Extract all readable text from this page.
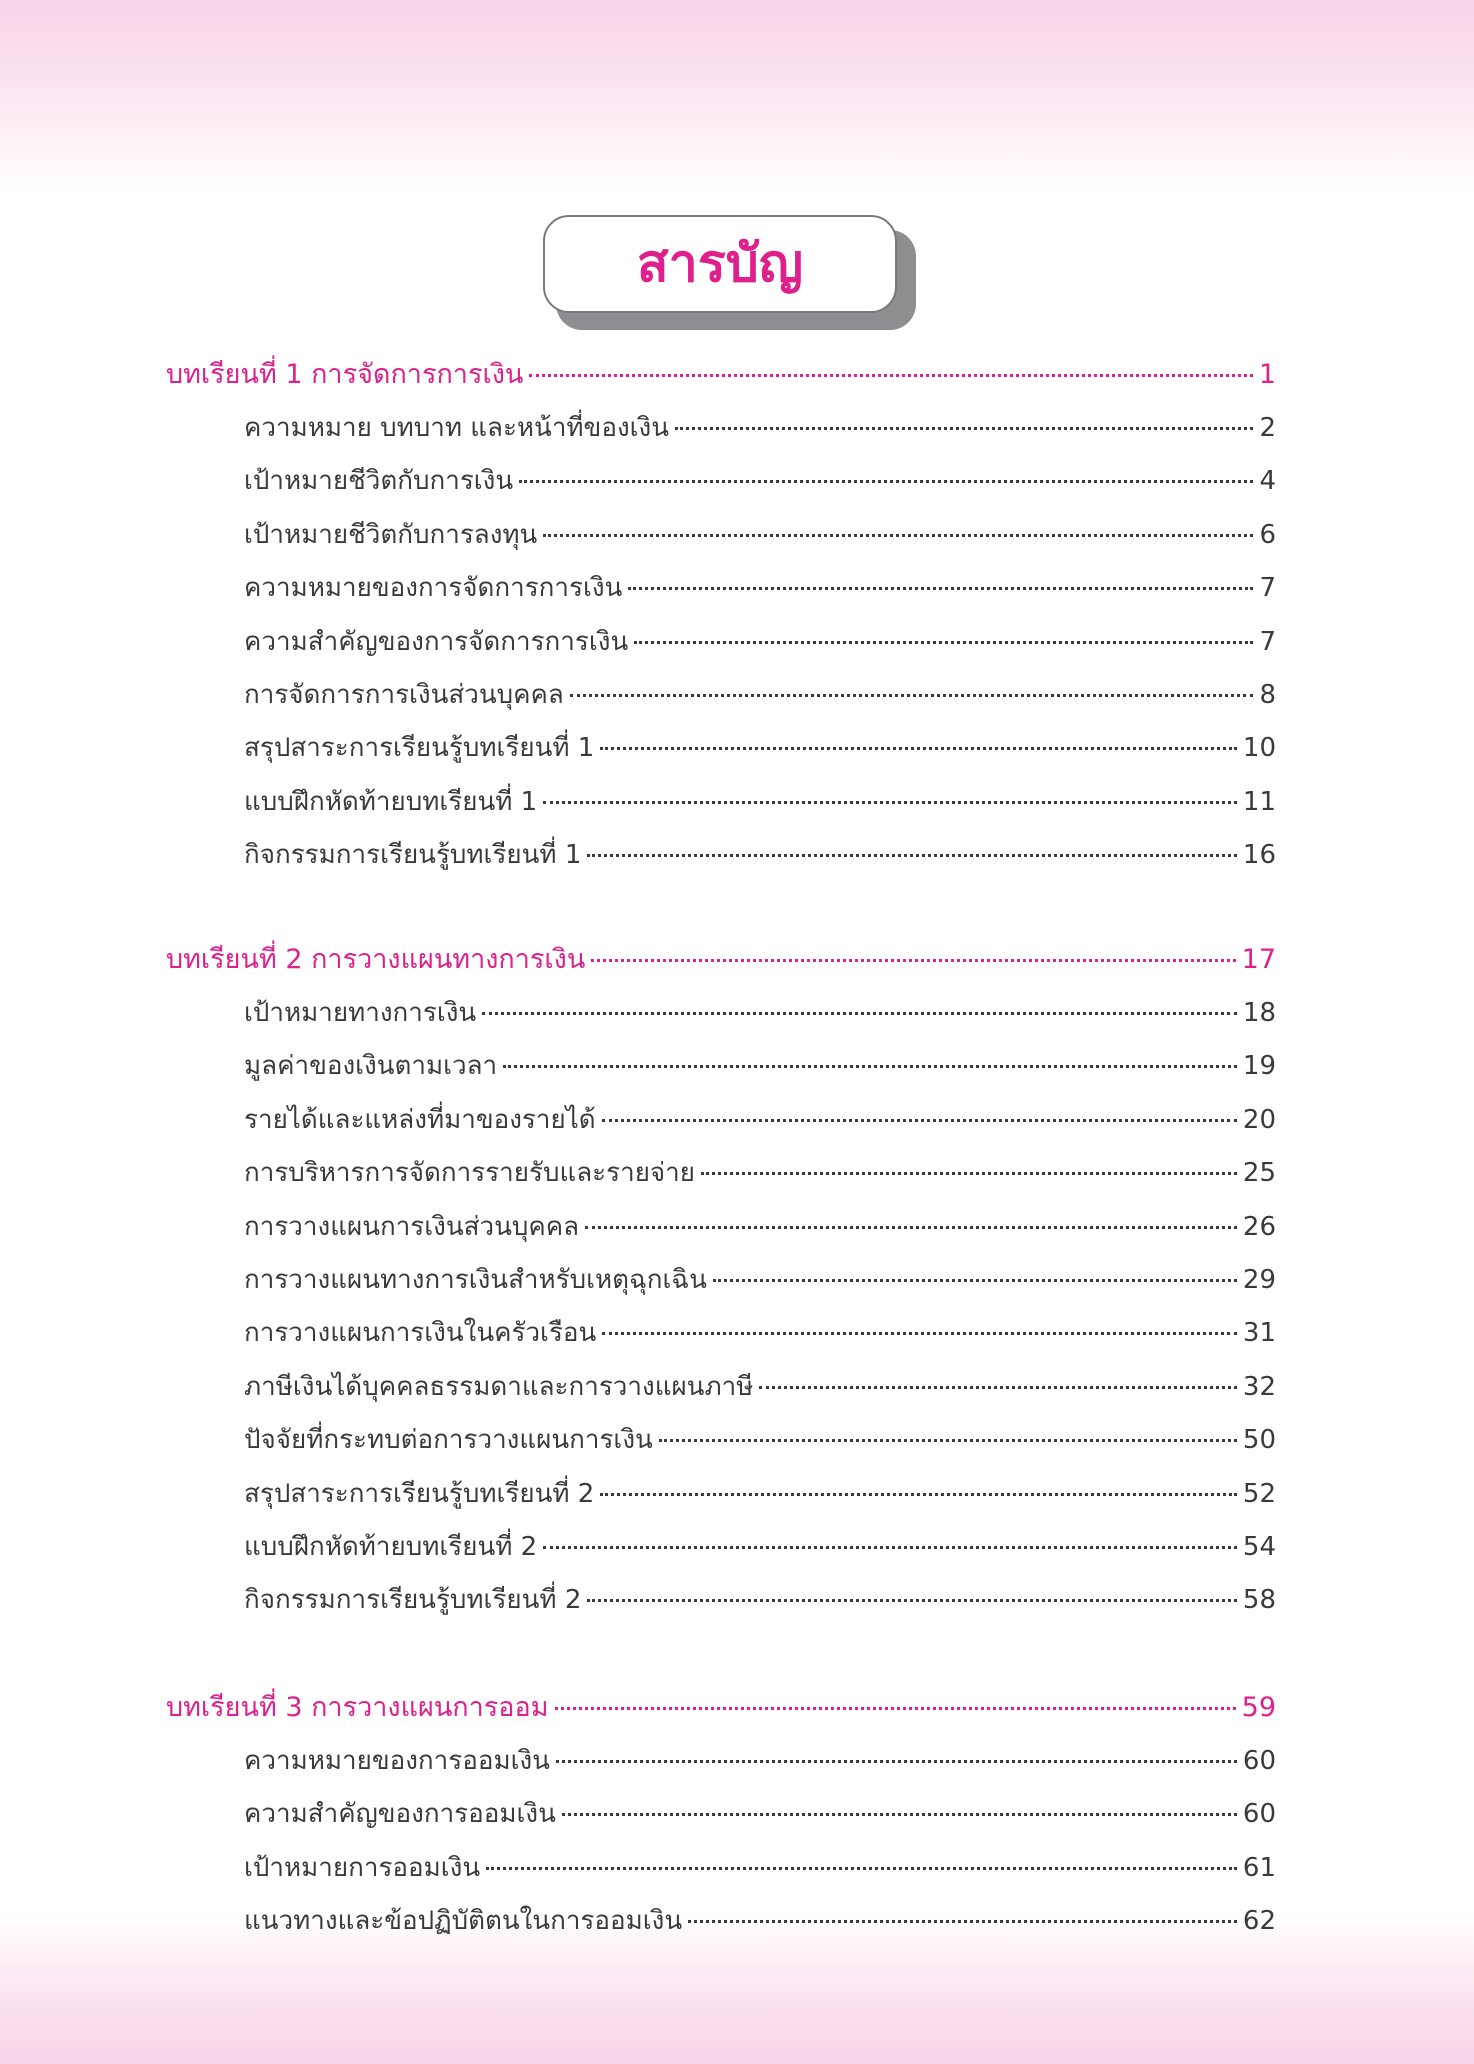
สารบัญ
บทเรียนที่ 1 การจัดการการเงิน	1
ความหมาย บทบาท และหน้าที่ของเงิน	2
เป้าหมายชีวิตกับการเงิน	4
เป้าหมายชีวิตกับการลงทุน	6
ความหมายของการจัดการการเงิน	7
ความสำคัญของการจัดการการเงิน	7
การจัดการการเงินส่วนบุคคล	8
สรุปสาระการเรียนรู้บทเรียนที่ 1	10
แบบฝึกหัดท้ายบทเรียนที่ 1	11
กิจกรรมการเรียนรู้บทเรียนที่ 1	16
บทเรียนที่ 2 การวางแผนทางการเงิน	17
เป้าหมายทางการเงิน	18
มูลค่าของเงินตามเวลา	19
รายได้และแหล่งที่มาของรายได้	20
การบริหารการจัดการรายรับและรายจ่าย	25
การวางแผนการเงินส่วนบุคคล	26
การวางแผนทางการเงินสำหรับเหตุฉุกเฉิน	29
การวางแผนการเงินในครัวเรือน	31
ภาษีเงินได้บุคคลธรรมดาและการวางแผนภาษี	32
ปัจจัยที่กระทบต่อการวางแผนการเงิน	50
สรุปสาระการเรียนรู้บทเรียนที่ 2	52
แบบฝึกหัดท้ายบทเรียนที่ 2	54
กิจกรรมการเรียนรู้บทเรียนที่ 2	58
บทเรียนที่ 3 การวางแผนการออม	59
ความหมายของการออมเงิน	60
ความสำคัญของการออมเงิน	60
เป้าหมายการออมเงิน	61
แนวทางและข้อปฏิบัติตนในการออมเงิน	62
